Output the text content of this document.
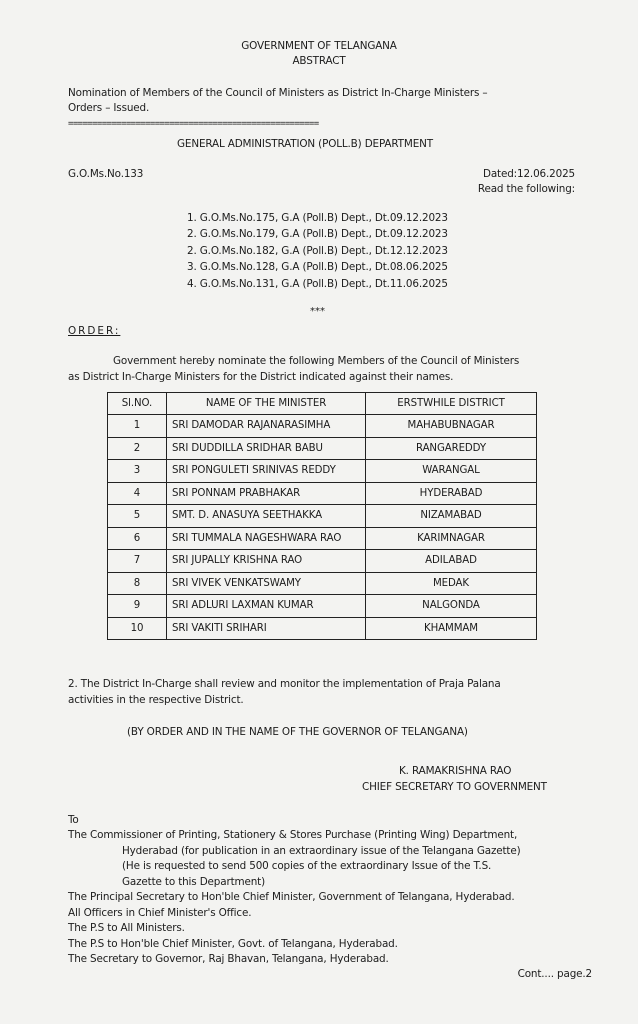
GOVERNMENT OF TELANGANA
ABSTRACT
Nomination of Members of the Council of Ministers as District In-Charge Ministers –
Orders – Issued.
====================================================
GENERAL ADMINISTRATION (POLL.B) DEPARTMENT
G.O.Ms.No.133	Dated:12.06.2025
Read the following:
1. G.O.Ms.No.175, G.A (Poll.B) Dept., Dt.09.12.2023
2. G.O.Ms.No.179, G.A (Poll.B) Dept., Dt.09.12.2023
2. G.O.Ms.No.182, G.A (Poll.B) Dept., Dt.12.12.2023
3. G.O.Ms.No.128, G.A (Poll.B) Dept., Dt.08.06.2025
4. G.O.Ms.No.131, G.A (Poll.B) Dept., Dt.11.06.2025
***
ORDER:
Government hereby nominate the following Members of the Council of Ministers
as District In-Charge Ministers for the District indicated against their names.
Sl.NO.	NAME OF THE MINISTER	ERSTWHILE DISTRICT
1	SRI DAMODAR RAJANARASIMHA	MAHABUBNAGAR
2	SRI DUDDILLA SRIDHAR BABU	RANGAREDDY
3	SRI PONGULETI SRINIVAS REDDY	WARANGAL
4	SRI PONNAM PRABHAKAR	HYDERABAD
5	SMT. D. ANASUYA SEETHAKKA	NIZAMABAD
6	SRI TUMMALA NAGESHWARA RAO	KARIMNAGAR
7	SRI JUPALLY KRISHNA RAO	ADILABAD
8	SRI VIVEK VENKATSWAMY	MEDAK
9	SRI ADLURI LAXMAN KUMAR	NALGONDA
10	SRI VAKITI SRIHARI	KHAMMAM
2. The District In-Charge shall review and monitor the implementation of Praja Palana
activities in the respective District.
(BY ORDER AND IN THE NAME OF THE GOVERNOR OF TELANGANA)
K. RAMAKRISHNA RAO
CHIEF SECRETARY TO GOVERNMENT
To
The Commissioner of Printing, Stationery & Stores Purchase (Printing Wing) Department,
Hyderabad (for publication in an extraordinary issue of the Telangana Gazette)
(He is requested to send 500 copies of the extraordinary Issue of the T.S.
Gazette to this Department)
The Principal Secretary to Hon'ble Chief Minister, Government of Telangana, Hyderabad.
All Officers in Chief Minister's Office.
The P.S to All Ministers.
The P.S to Hon'ble Chief Minister, Govt. of Telangana, Hyderabad.
The Secretary to Governor, Raj Bhavan, Telangana, Hyderabad.
Cont.... page.2
